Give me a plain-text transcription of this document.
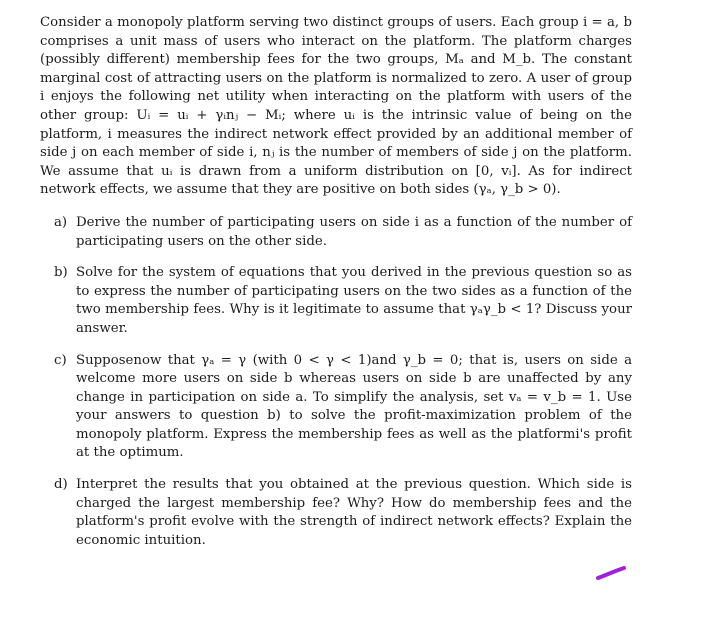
Consider a monopoly platform serving two distinct groups of users. Each group i = a, b comprises a unit mass of users who interact on the platform. The platform charges (possibly different) membership fees for the two groups, Mₐ and M_b. The constant marginal cost of attracting users on the platform is normalized to zero. A user of group i enjoys the following net utility when interacting on the platform with users of the other group: Uᵢ = uᵢ + γᵢnⱼ − Mᵢ; where uᵢ is the intrinsic value of being on the platform, i measures the indirect network effect provided by an additional member of side j on each member of side i, nⱼ is the number of members of side j on the platform. We assume that uᵢ is drawn from a uniform distribution on [0, vᵢ]. As for indirect network effects, we assume that they are positive on both sides (γₐ, γ_b > 0).

a) Derive the number of participating users on side i as a function of the number of participating users on the other side.
b) Solve for the system of equations that you derived in the previous question so as to express the number of participating users on the two sides as a function of the two membership fees. Why is it legitimate to assume that γₐγ_b < 1? Discuss your answer.
c) Supposenow that γₐ = γ (with 0 < γ < 1)and γ_b = 0; that is, users on side a welcome more users on side b whereas users on side b are unaffected by any change in participation on side a. To simplify the analysis, set vₐ = v_b = 1. Use your answers to question b) to solve the profit-maximization problem of the monopoly platform. Express the membership fees as well as the platformi's profit at the optimum.
d) Interpret the results that you obtained at the previous question. Which side is charged the largest membership fee? Why? How do membership fees and the platform's profit evolve with the strength of indirect network effects? Explain the economic intuition.
